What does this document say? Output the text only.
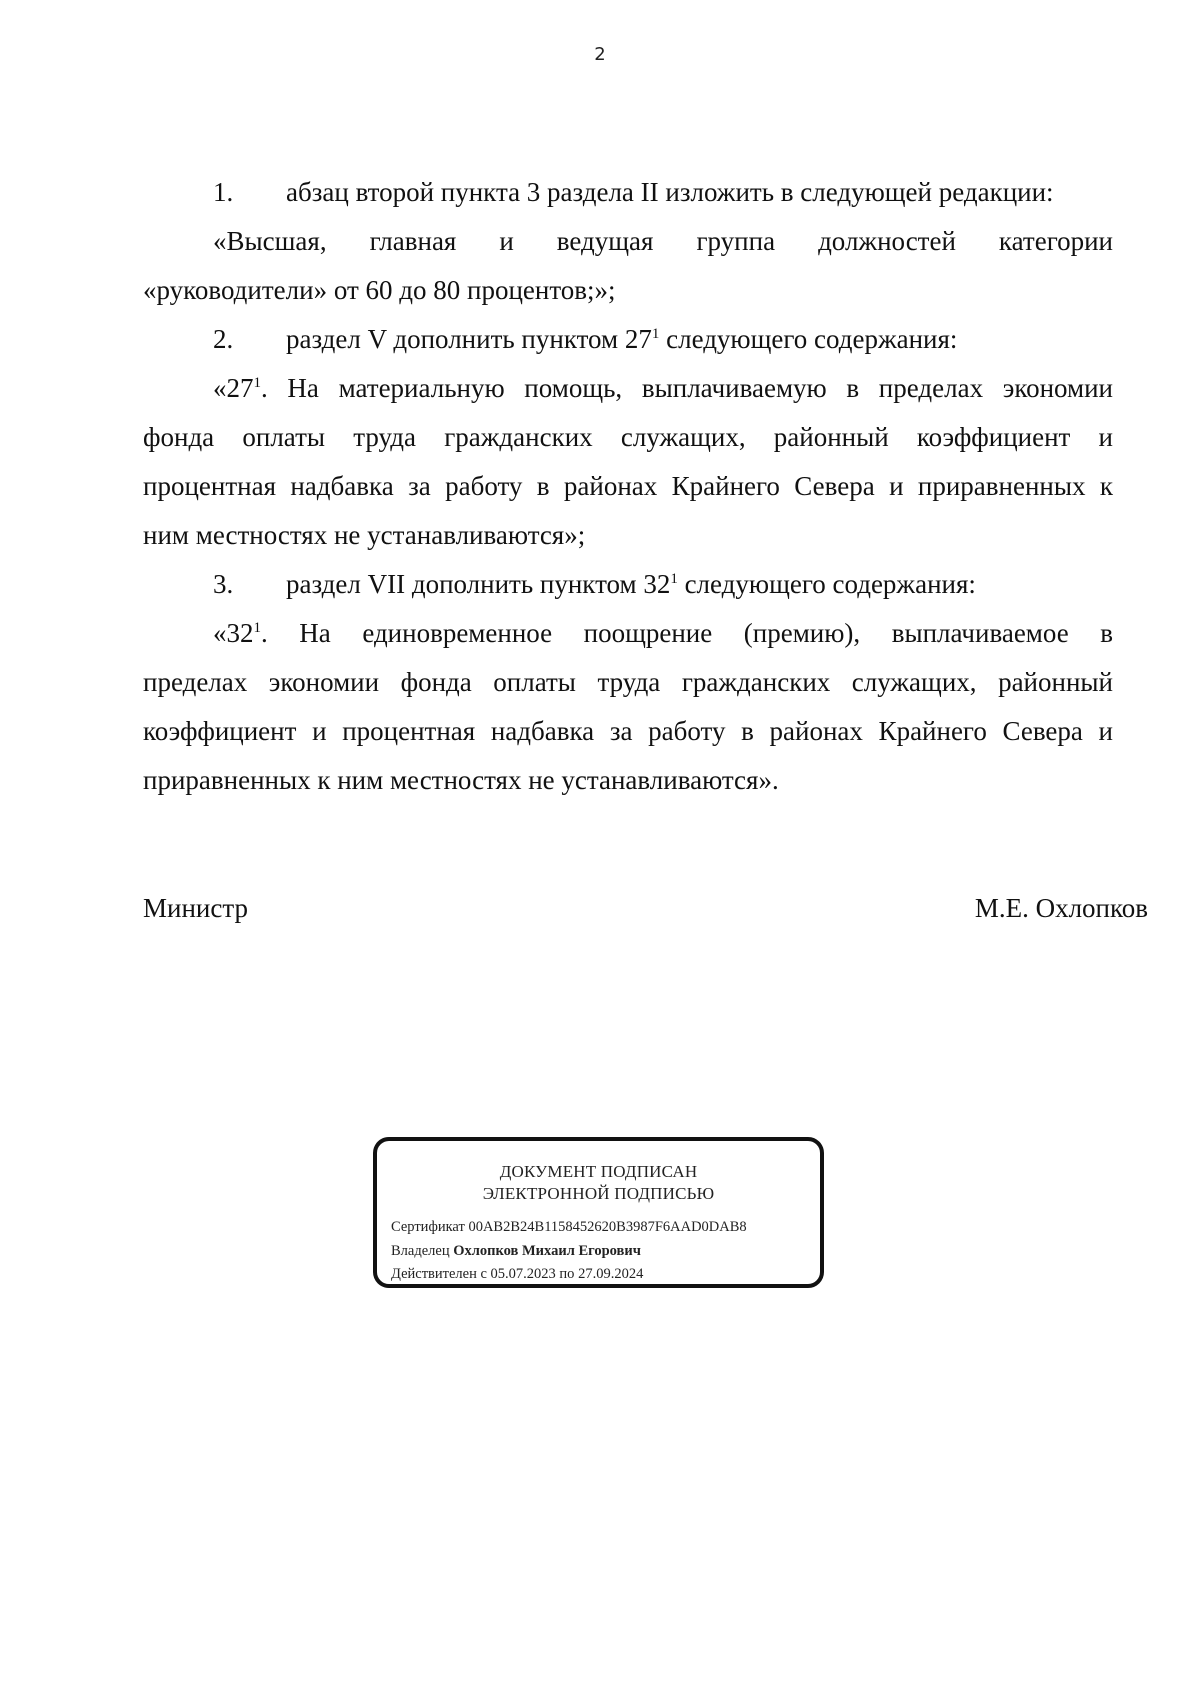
2

1. абзац второй пункта 3 раздела II изложить в следующей редакции:

«Высшая, главная и ведущая группа должностей категории

«руководители» от 60 до 80 процентов;»;

2. раздел V дополнить пунктом $27^1$ следующего содержания:

«$27^1$. На материальную помощь, выплачиваемую в пределах экономии

фонда оплаты труда гражданских служащих, районный коэффициент и

процентная надбавка за работу в районах Крайнего Севера и приравненных к

ним местностях не устанавливаются»;

3. раздел VII дополнить пунктом $32^1$ следующего содержания:

«$32^1$. На единовременное поощрение (премию), выплачиваемое в

пределах экономии фонда оплаты труда гражданских служащих, районный

коэффициент и процентная надбавка за работу в районах Крайнего Севера и

приравненных к ним местностях не устанавливаются».

Министр	М.Е. Охлопков
ДОКУМЕНТ ПОДПИСАН
ЭЛЕКТРОННОЙ ПОДПИСЬЮ
Сертификат 00AB2B24B1158452620B3987F6AAD0DAB8
Владелец Охлопков Михаил Егорович
Действителен с 05.07.2023 по 27.09.2024
